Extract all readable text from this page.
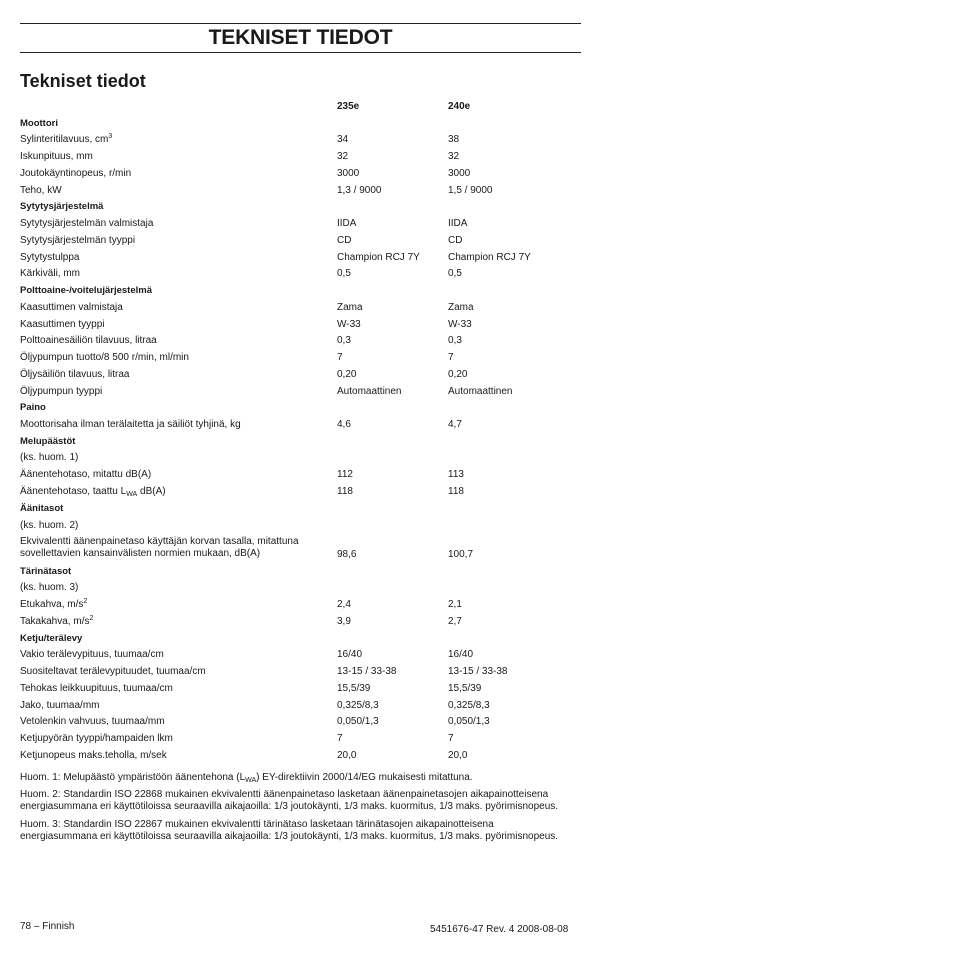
TEKNISET TIEDOT
Tekniset tiedot
235e	240e
Moottori
Sylinteritilavuus, $cm^3$	34	38
Iskunpituus, mm	32	32
Joutokäyntinopeus, r/min	3000	3000
Teho, kW	1,3 / 9000	1,5 / 9000
Sytytysjärjestelmä
Sytytysjärjestelmän valmistaja	IIDA	IIDA
Sytytysjärjestelmän tyyppi	CD	CD
Sytytystulppa	Champion RCJ 7Y	Champion RCJ 7Y
Kärkiväli, mm	0,5	0,5
Polttoaine-/voitelujärjestelmä
Kaasuttimen valmistaja	Zama	Zama
Kaasuttimen tyyppi	W-33	W-33
Polttoainesäiliön tilavuus, litraa	0,3	0,3
Öljypumpun tuotto/8 500 r/min, ml/min	7	7
Öljysäiliön tilavuus, litraa	0,20	0,20
Öljypumpun tyyppi	Automaattinen	Automaattinen
Paino
Moottorisaha ilman terälaitetta ja säiliöt tyhjinä, kg	4,6	4,7
Melupäästöt
(ks. huom. 1)
Äänentehotaso, mitattu dB(A)	112	113
Äänentehotaso, taattu $L_{WA}$ dB(A)	118	118
Äänitasot
(ks. huom. 2)
Ekvivalentti äänenpainetaso käyttäjän korvan tasalla, mitattuna
sovellettavien kansainvälisten normien mukaan, dB(A)	98,6	100,7
Tärinätasot
(ks. huom. 3)
Etukahva, $m/s^2$	2,4	2,1
Takakahva, $m/s^2$	3,9	2,7
Ketju/terälevy
Vakio terälevypituus, tuumaa/cm	16/40	16/40
Suositeltavat terälevypituudet, tuumaa/cm	13-15 / 33-38	13-15 / 33-38
Tehokas leikkuupituus, tuumaa/cm	15,5/39	15,5/39
Jako, tuumaa/mm	0,325/8,3	0,325/8,3
Vetolenkin vahvuus, tuumaa/mm	0,050/1,3	0,050/1,3
Ketjupyörän tyyppi/hampaiden lkm	7	7
Ketjunopeus maks.teholla, m/sek	20,0	20,0
Huom. 1: Melupäästö ympäristöön äänentehona $(L_{WA})$ EY-direktiivin 2000/14/EG mukaisesti mitattuna.
Huom. 2: Standardin ISO 22868 mukainen ekvivalentti äänenpainetaso lasketaan äänenpainetasojen aikapainotteisena
energiasummana eri käyttötiloissa seuraavilla aikajaoilla: 1/3 joutokäynti, 1/3 maks. kuormitus, 1/3 maks. pyörimisnopeus.
Huom. 3: Standardin ISO 22867 mukainen ekvivalentti tärinätaso lasketaan tärinätasojen aikapainotteisena
energiasummana eri käyttötiloissa seuraavilla aikajaoilla: 1/3 joutokäynti, 1/3 maks. kuormitus, 1/3 maks. pyörimisnopeus.
78 – Finnish	5451676-47 Rev. 4 2008-08-08
